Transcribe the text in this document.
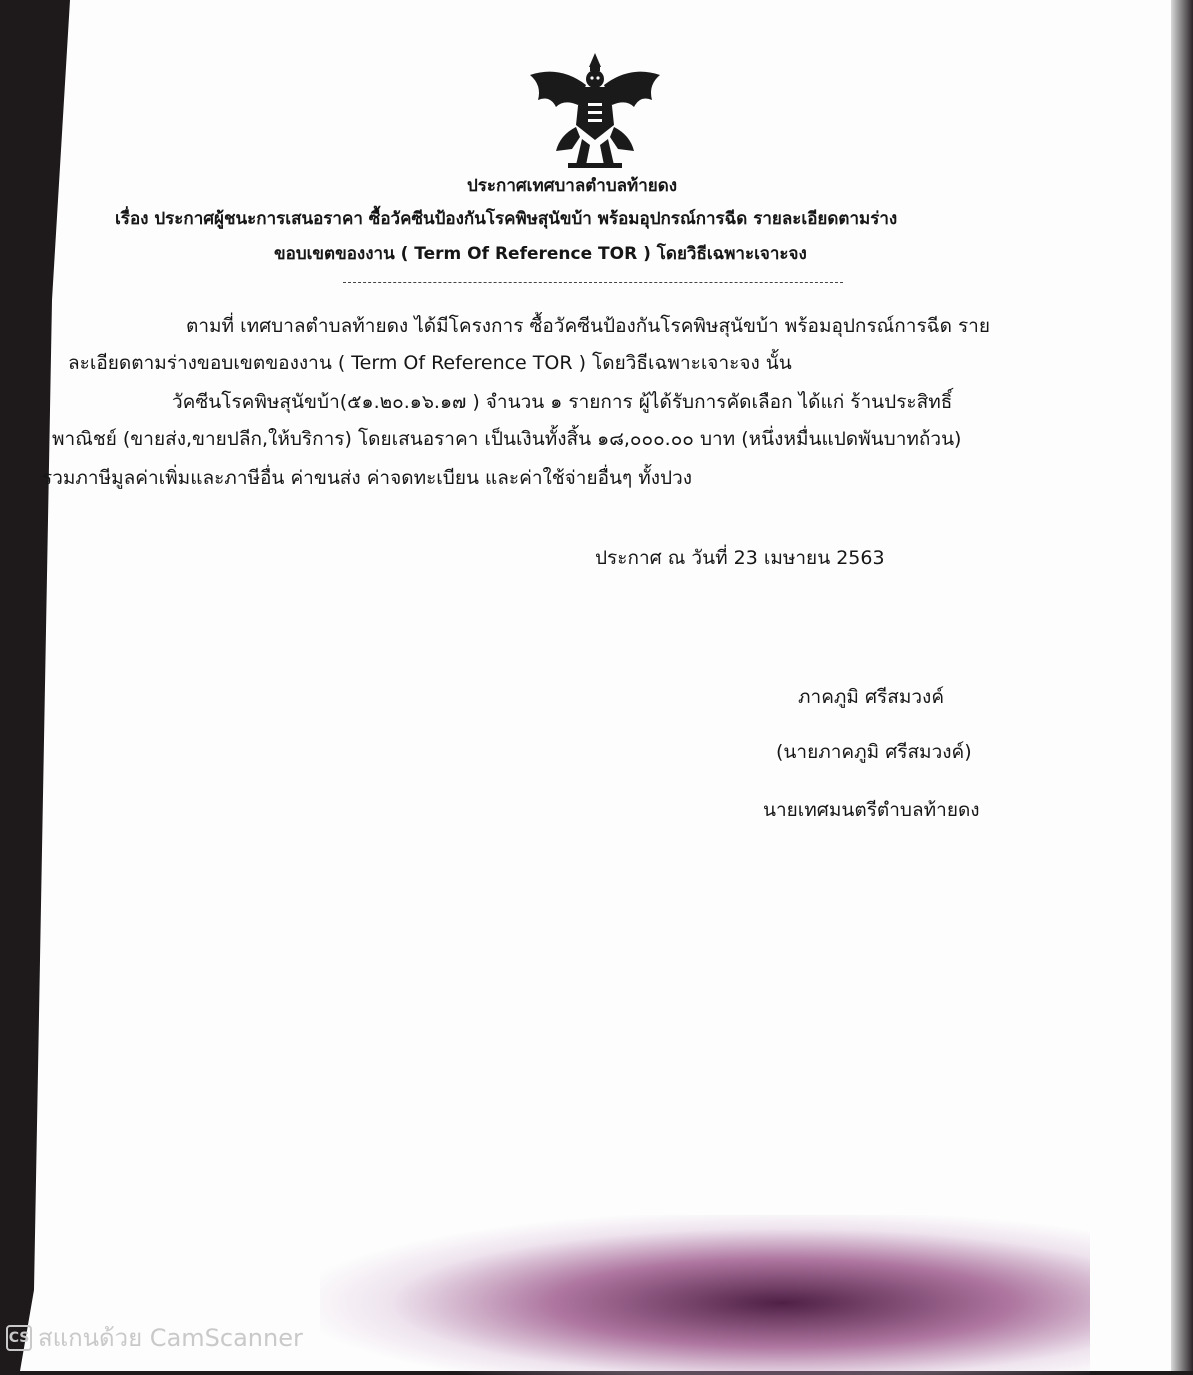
ประกาศเทศบาลตำบลท้ายดง
เรื่อง ประกาศผู้ชนะการเสนอราคา ซื้อวัคซีนป้องกันโรคพิษสุนัขบ้า พร้อมอุปกรณ์การฉีด รายละเอียดตามร่าง
ขอบเขตของงาน ( Term Of Reference TOR ) โดยวิธีเฉพาะเจาะจง
ตามที่ เทศบาลตำบลท้ายดง ได้มีโครงการ ซื้อวัคซีนป้องกันโรคพิษสุนัขบ้า พร้อมอุปกรณ์การฉีด ราย
ละเอียดตามร่างขอบเขตของงาน ( Term Of Reference TOR ) โดยวิธีเฉพาะเจาะจง นั้น
วัคซีนโรคพิษสุนัขบ้า(๕๑.๒๐.๑๖.๑๗ ) จำนวน ๑ รายการ ผู้ได้รับการคัดเลือก ได้แก่ ร้านประสิทธิ์
พาณิชย์ (ขายส่ง,ขายปลีก,ให้บริการ) โดยเสนอราคา เป็นเงินทั้งสิ้น ๑๘,๐๐๐.๐๐ บาท (หนึ่งหมื่นแปดพันบาทถ้วน)
รวมภาษีมูลค่าเพิ่มและภาษีอื่น ค่าขนส่ง ค่าจดทะเบียน และค่าใช้จ่ายอื่นๆ ทั้งปวง
ประกาศ ณ วันที่ 23 เมษายน 2563
ภาคภูมิ ศรีสมวงค์
(นายภาคภูมิ ศรีสมวงค์)
นายเทศมนตรีตำบลท้ายดง
CS สแกนด้วย CamScanner
